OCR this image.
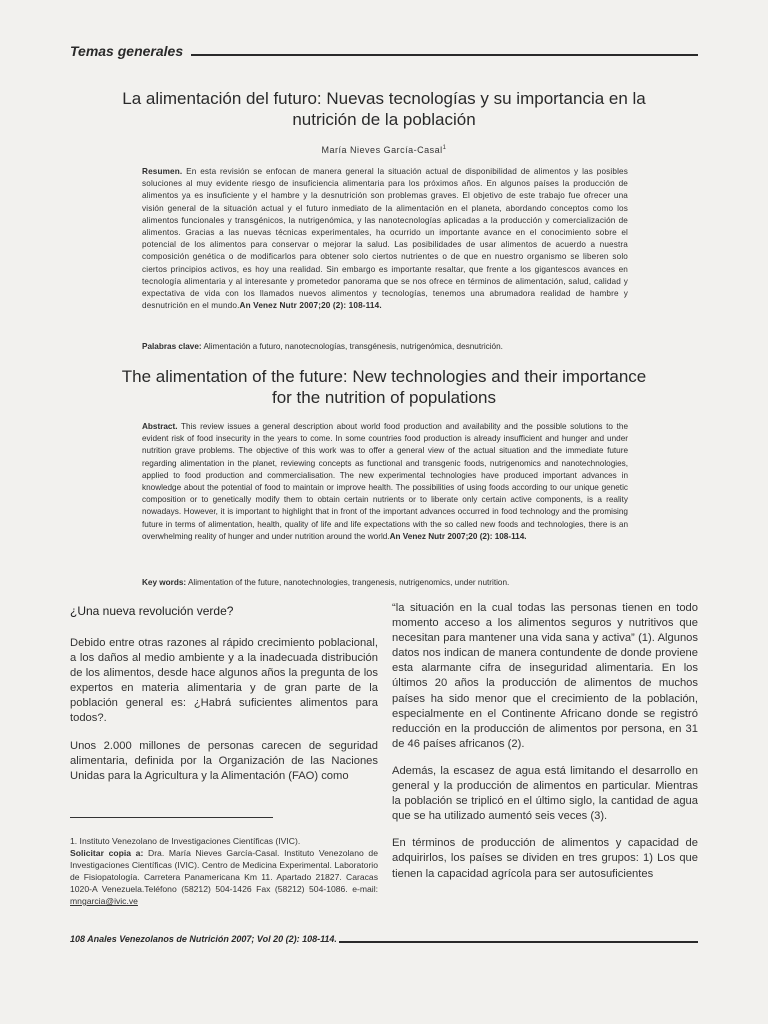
Temas generales
La alimentación del futuro: Nuevas tecnologías y su importancia en la nutrición de la población
María Nieves García-Casal$^1$
Resumen. En esta revisión se enfocan de manera general la situación actual de disponibilidad de alimentos y las posibles soluciones al muy evidente riesgo de insuficiencia alimentaria para los próximos años. En algunos países la producción de alimentos ya es insuficiente y el hambre y la desnutrición son problemas graves. El objetivo de este trabajo fue ofrecer una visión general de la situación actual y el futuro inmediato de la alimentación en el planeta, abordando conceptos como los alimentos funcionales y transgénicos, la nutrigenómica, y las nanotecnologías aplicadas a la producción y comercialización de alimentos. Gracias a las nuevas técnicas experimentales, ha ocurrido un importante avance en el conocimiento sobre el potencial de los alimentos para conservar o mejorar la salud. Las posibilidades de usar alimentos de acuerdo a nuestra composición genética o de modificarlos para obtener solo ciertos nutrientes o de que en nuestro organismo se liberen solo ciertos principios activos, es hoy una realidad. Sin embargo es importante resaltar, que frente a los gigantescos avances en tecnología alimentaria y al interesante y prometedor panorama que se nos ofrece en términos de alimentación, salud, calidad y expectativa de vida con los llamados nuevos alimentos y tecnologías, tenemos una abrumadora realidad de hambre y desnutrición en el mundo.An Venez Nutr 2007;20 (2): 108-114.
Palabras clave: Alimentación a futuro, nanotecnologías, transgénesis, nutrigenómica, desnutrición.
The alimentation of the future: New technologies and their importance for the nutrition of populations
Abstract. This review issues a general description about world food production and availability and the possible solutions to the evident risk of food insecurity in the years to come. In some countries food production is already insufficient and hunger and under nutrition grave problems. The objective of this work was to offer a general view of the actual situation and the immediate future regarding alimentation in the planet, reviewing concepts as functional and transgenic foods, nutrigenomics and nanotechnologies, applied to food production and commercialisation. The new experimental technologies have produced important advances in knowledge about the potential of food to maintain or improve health. The possibilities of using foods according to our unique genetic composition or to genetically modify them to obtain certain nutrients or to liberate only certain active components, is a reality nowadays. However, it is important to highlight that in front of the important advances occurred in food technology and the promising future in terms of alimentation, health, quality of life and life expectations with the so called new foods and technologies, there is an overwhelming reality of hunger and under nutrition around the world.An Venez Nutr 2007;20 (2): 108-114.
Key words: Alimentation of the future, nanotechnologies, trangenesis, nutrigenomics, under nutrition.
¿Una nueva revolución verde?

Debido entre otras razones al rápido crecimiento poblacional, a los daños al medio ambiente y a la inadecuada distribución de los alimentos, desde hace algunos años la pregunta de los expertos en materia alimentaria y de gran parte de la población general es: ¿Habrá suficientes alimentos para todos?.

Unos 2.000 millones de personas carecen de seguridad alimentaria, definida por la Organización de las Naciones Unidas para la Agricultura y la Alimentación (FAO) como

“la situación en la cual todas las personas tienen en todo momento acceso a los alimentos seguros y nutritivos que necesitan para mantener una vida sana y activa” (1). Algunos datos nos indican de manera contundente de donde proviene esta alarmante cifra de inseguridad alimentaria. En los últimos 20 años la producción de alimentos de muchos países ha sido menor que el crecimiento de la población, especialmente en el Continente Africano donde se registró reducción en la producción de alimentos por persona, en 31 de 46 países africanos (2).

Además, la escasez de agua está limitando el desarrollo en general y la producción de alimentos en particular. Mientras la población se triplicó en el último siglo, la cantidad de agua que se ha utilizado aumentó seis veces (3).

En términos de producción de alimentos y capacidad de adquirirlos, los países se dividen en tres grupos: 1) Los que tienen la capacidad agrícola para ser autosuficientes

1. Instituto Venezolano de Investigaciones Científicas (IVIC).

Solicitar copia a: Dra. María Nieves García-Casal. Instituto Venezolano de Investigaciones Científicas (IVIC). Centro de Medicina Experimental. Laboratorio de Fisiopatología. Carretera Panamericana Km 11. Apartado 21827. Caracas 1020-A Venezuela.Teléfono (58212) 504-1426 Fax (58212) 504-1086. e-mail: mngarcia@ivic.ve

108 Anales Venezolanos de Nutrición 2007; Vol 20 (2): 108-114.
